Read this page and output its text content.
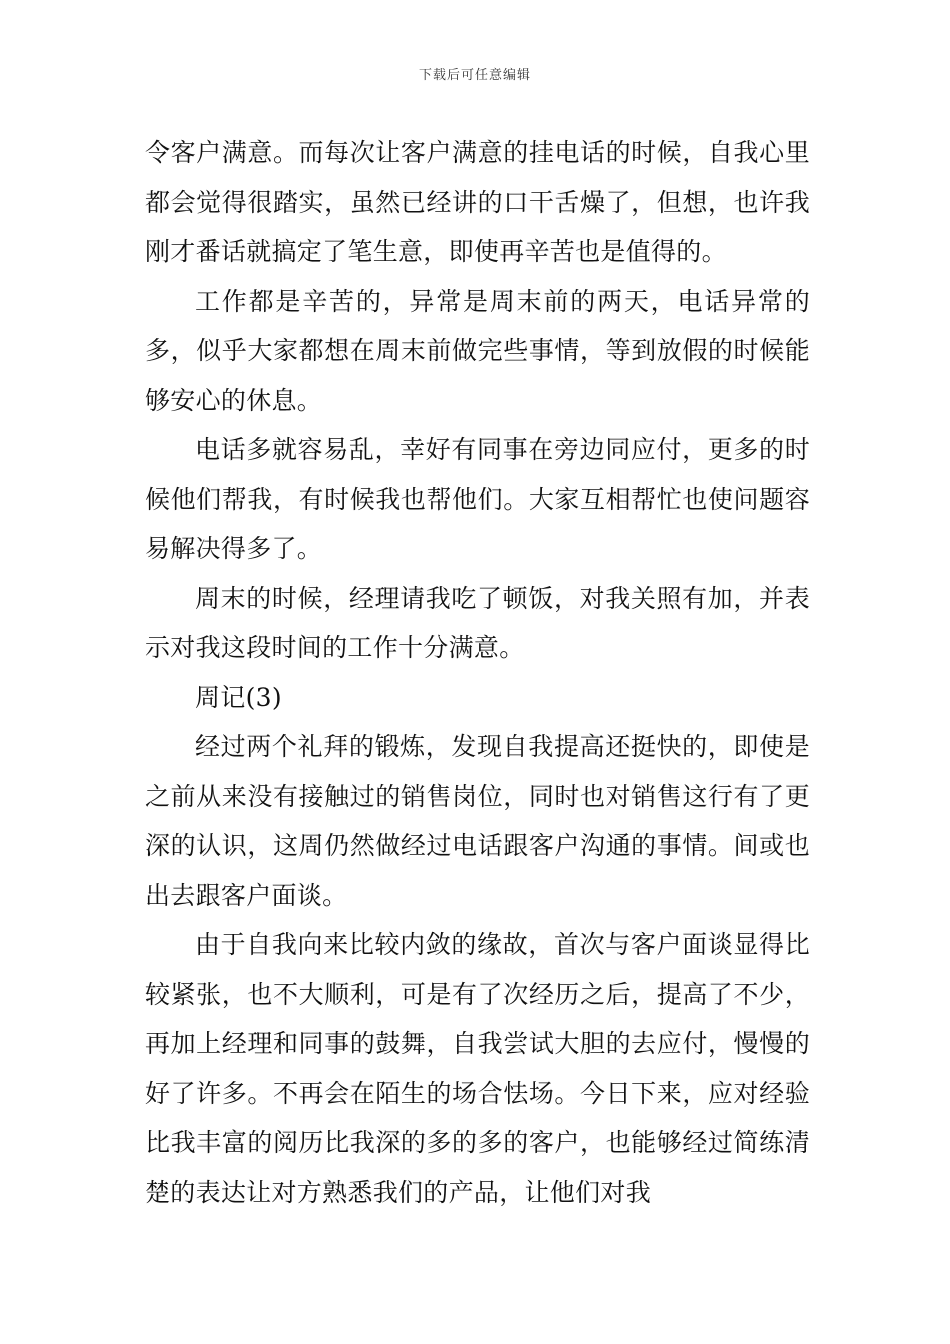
下载后可任意编辑

令客户满意。而每次让客户满意的挂电话的时候，自我心里都会觉得很踏实，虽然已经讲的口干舌燥了，但想，也许我刚才番话就搞定了笔生意，即使再辛苦也是值得的。

工作都是辛苦的，异常是周末前的两天，电话异常的多，似乎大家都想在周末前做完些事情，等到放假的时候能够安心的休息。

电话多就容易乱，幸好有同事在旁边同应付，更多的时候他们帮我，有时候我也帮他们。大家互相帮忙也使问题容易解决得多了。

周末的时候，经理请我吃了顿饭，对我关照有加，并表示对我这段时间的工作十分满意。

周记(3)

经过两个礼拜的锻炼，发现自我提高还挺快的，即使是之前从来没有接触过的销售岗位，同时也对销售这行有了更深的认识，这周仍然做经过电话跟客户沟通的事情。间或也出去跟客户面谈。

由于自我向来比较内敛的缘故，首次与客户面谈显得比较紧张，也不大顺利，可是有了次经历之后，提高了不少，再加上经理和同事的鼓舞，自我尝试大胆的去应付，慢慢的好了许多。不再会在陌生的场合怯场。今日下来，应对经验比我丰富的阅历比我深的多的多的客户，也能够经过简练清楚的表达让对方熟悉我们的产品，让他们对我
